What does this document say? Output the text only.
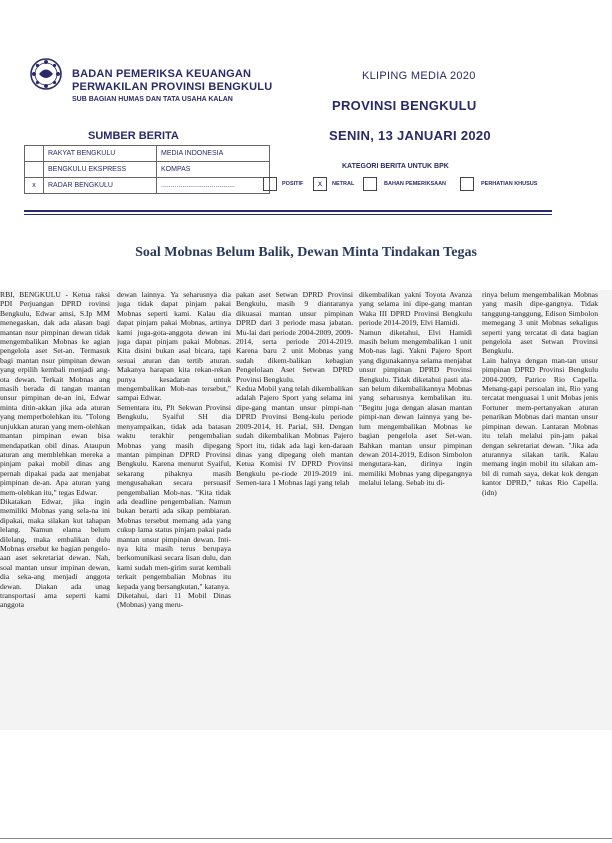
BADAN PEMERIKSA KEUANGAN
PERWAKILAN PROVINSI BENGKULU
SUB BAGIAN HUMAS DAN TATA USAHA KALAN
KLIPING MEDIA 2020
PROVINSI BENGKULU
SENIN, 13 JANUARI 2020
SUMBER BERITA
	RAKYAT BENGKULU	MEDIA INDONESIA
	BENGKULU EKSPRESS	KOMPAS
x	RADAR BENGKULU	......................................
KATEGORI BERITA UNTUK BPK
POSITIF	x	NETRAL	BAHAN PEMERIKSAAN	PERHATIAN KHUSUS
Soal Mobnas Belum Balik, Dewan Minta Tindakan Tegas

RBI, BENGKULU - Ketua raksi PDI Perjuangan DPRD rovinsi Bengkulu, Edwar amsi, S.Ip MM menegaskan, dak ada alasan bagi mantan nsur pimpinan dewan tidak mengembalikan Mobnas ke agian pengelola aset Set-an. Termasuk bagi mantan nsur pimpinan dewan yang erpilih kembali menjadi ang-ota dewan. Terkait Mobnas ang masih berada di tangan mantan unsur pimpinan de-an ini, Edwar minta ditin-akkan jika ada aturan yang memperbolehkan itu. "Tolong unjukkan aturan yang mem-olehkan mantan pimpinan ewan bisa mendapatkan obil dinas. Ataupun aturan ang memblehkan mereka a pinjam pakai mobil dinas ang pernah dipakai pada aat menjabat pimpinan de-an. Apa aturan yang mem-olehkan itu," tegas Edwar.

Dikatakan Edwar, jika ingin memiliki Mobnas yang sela-na ini dipakai, maka silakan kut tahapan lelang. Namun elama belum dilelang, maka embalikan dulu Mobnas ersebut ke bagian pengelo-aan aset sekretariat dewan. Nah, soal mantan unsur impinan dewan, dia seka-ang menjadi anggota dewan. Diakan ada unag transportasi ama seperti kami anggota

dewan lainnya. Ya seharusnya dia juga tidak dapat pinjam pakai Mobnas seperti kami. Kalau dia dapat pinjam pakai Mobnas, artinya kami juga-gota-anggota dewan ini juga dapat pinjam pakai Mobnas. Kita disini bukan asal bicara, tapi sesuai aturan dan tertib aturan. Makanya harapan kita rekan-rekan punya kesadaran untuk mengembalikan Mob-nas tersebut," sampai Edwar.

Sementara itu, Plt Sekwan Provinsi Bengkulu, Syaiful SH dia menyampaikan, tidak ada batasan waktu terakhir pengembalian Mobnas yang masih dipegang mantan pimpinan DPRD Provinsi Bengkulu. Karena menurut Syaiful, sekarang pihaknya masih mengusahakan secara persuasif pengembalian Mob-nas. "Kita tidak ada deadline pengembalian. Namun bukan berarti ada sikap pembiaran. Mobnas tersebut memang ada yang cukup lama status pinjam pakai pada mantan unsur pimpinan dewan. Inti-nya kita masih terus berupaya berkomunikasi secara lisan dulu, dan kami sudah men-girim surat kembali terkait pengembalian Mobnas itu kepada yang bersangkutan," katanya.

Diketahui, dari 11 Mobil Dinas (Mobnas) yang meru-

pakan aset Setwan DPRD Provinsi Bengkulu, masih 9 diantaranya dikuasai mantan unsur pimpinan DPRD dari 3 periode masa jabatan. Mu-lai dari periode 2004-2009, 2009-2014, serta periode 2014-2019. Karena baru 2 unit Mobnas yang sudah dikem-balikan kebagian Pengelolaan Aset Setwan DPRD Provinsi Bengkulu.

Kedua Mobil yang telah dikembalikan adalah Pajero Sport yang selama ini dipe-gang mantan unsur pimpi-nan DPRD Provinsi Beng-kulu periode 2009-2014, H. Parial, SH. Dengan sudah dikembalikan Mobnas Pajero Sport itu, tidak ada lagi ken-daraan dinas yang dipegang oleh mantan Ketua Komisi IV DPRD Provinsi Bengkulu pe-riode 2019-2019 ini. Semen-tara 1 Mobnas lagi yang telah

dikembalikan yakni Toyota Avanza yang selama ini dipe-gang mantan Waka III DPRD Provinsi Bengkulu periode 2014-2019, Elvi Hamidi.

Namun diketahui, Elvi Hamidi masih belum mengembalikan 1 unit Mob-nas lagi. Yakni Pajero Sport yang digunakannya selama menjabat unsur pimpinan DPRD Provinsi Bengkulu. Tidak diketahui pasti ala-san belum dikembalikannya Mobnas yang seharusnya kembalikan itu. "Begitu juga dengan alasan mantan pimpi-nan dewan lainnya yang be-lum mengembalikan Mobnas ke bagian pengelola aset Set-wan. Bahkan mantan unsur pimpinan dewan 2014-2019, Edison Simbolon mengutara-kan, dirinya ingin memiliki Mobnas yang dipegangnya melalui lelang. Sebab itu di-

rinya belum mengembalikan Mobnas yang masih dipe-gangnya. Tidak tanggung-tanggung, Edison Simbolon memegang 3 unit Mobnas sekaligus seperti yang tercatat di data bagian pengelola aset Setwan Provinsi Bengkulu.

Lain halnya dengan man-tan unsur pimpinan DPRD Provinsi Bengkulu 2004-2009, Patrice Rio Capella. Menang-gapi persoalan ini, Rio yang tercatat menguasai 1 unit Mobas jenis Fortuner mem-pertanyakan aturan penarikan Mobnas dari mantan unsur pimpinan dewan. Lantaran Mobnas itu telah melalui pin-jam pakai dengan sekretariat dewan. "Jika ada aturannya silakan tarik. Kalau memang ingin mobil itu silakan am-bil di rumah saya, dekat kok dengan kantor DPRD," tukas Rio Capella.(idn)
